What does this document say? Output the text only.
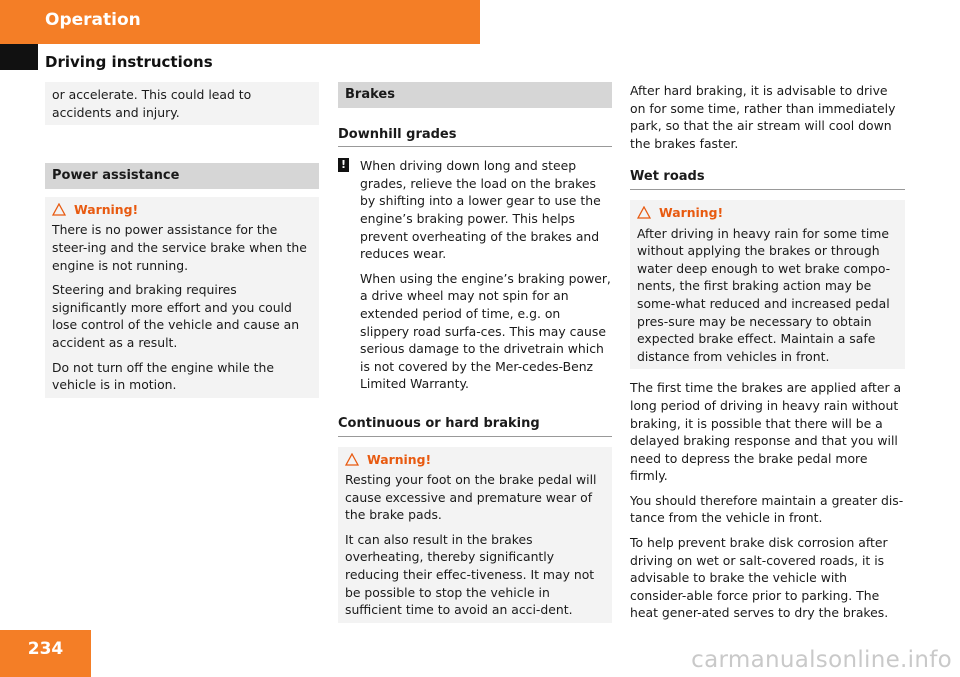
Operation
Driving instructions

or accelerate. This could lead to accidents and injury.

Power assistance
Warning!

There is no power assistance for the steer-ing and the service brake when the engine is not running.

Steering and braking requires significantly more effort and you could lose control of the vehicle and cause an accident as a result.

Do not turn off the engine while the vehicle is in motion.

Brakes
Downhill grades
! When driving down long and steep grades, relieve the load on the brakes by shifting into a lower gear to use the engine’s braking power. This helps prevent overheating of the brakes and reduces wear.

When using the engine’s braking power, a drive wheel may not spin for an extended period of time, e.g. on slippery road surfa-ces. This may cause serious damage to the drivetrain which is not covered by the Mer-cedes-Benz Limited Warranty.

Continuous or hard braking
Warning!

Resting your foot on the brake pedal will cause excessive and premature wear of the brake pads.

It can also result in the brakes overheating, thereby significantly reducing their effec-tiveness. It may not be possible to stop the vehicle in sufficient time to avoid an acci-dent.

After hard braking, it is advisable to drive on for some time, rather than immediately park, so that the air stream will cool down the brakes faster.

Wet roads
Warning!

After driving in heavy rain for some time without applying the brakes or through water deep enough to wet brake compo-nents, the first braking action may be some-what reduced and increased pedal pres-sure may be necessary to obtain expected brake effect. Maintain a safe distance from vehicles in front.

The first time the brakes are applied after a long period of driving in heavy rain without braking, it is possible that there will be a delayed braking response and that you will need to depress the brake pedal more firmly.

You should therefore maintain a greater dis-tance from the vehicle in front.

To help prevent brake disk corrosion after driving on wet or salt-covered roads, it is advisable to brake the vehicle with consider-able force prior to parking. The heat gener-ated serves to dry the brakes.

234	carmanualsonline.info
